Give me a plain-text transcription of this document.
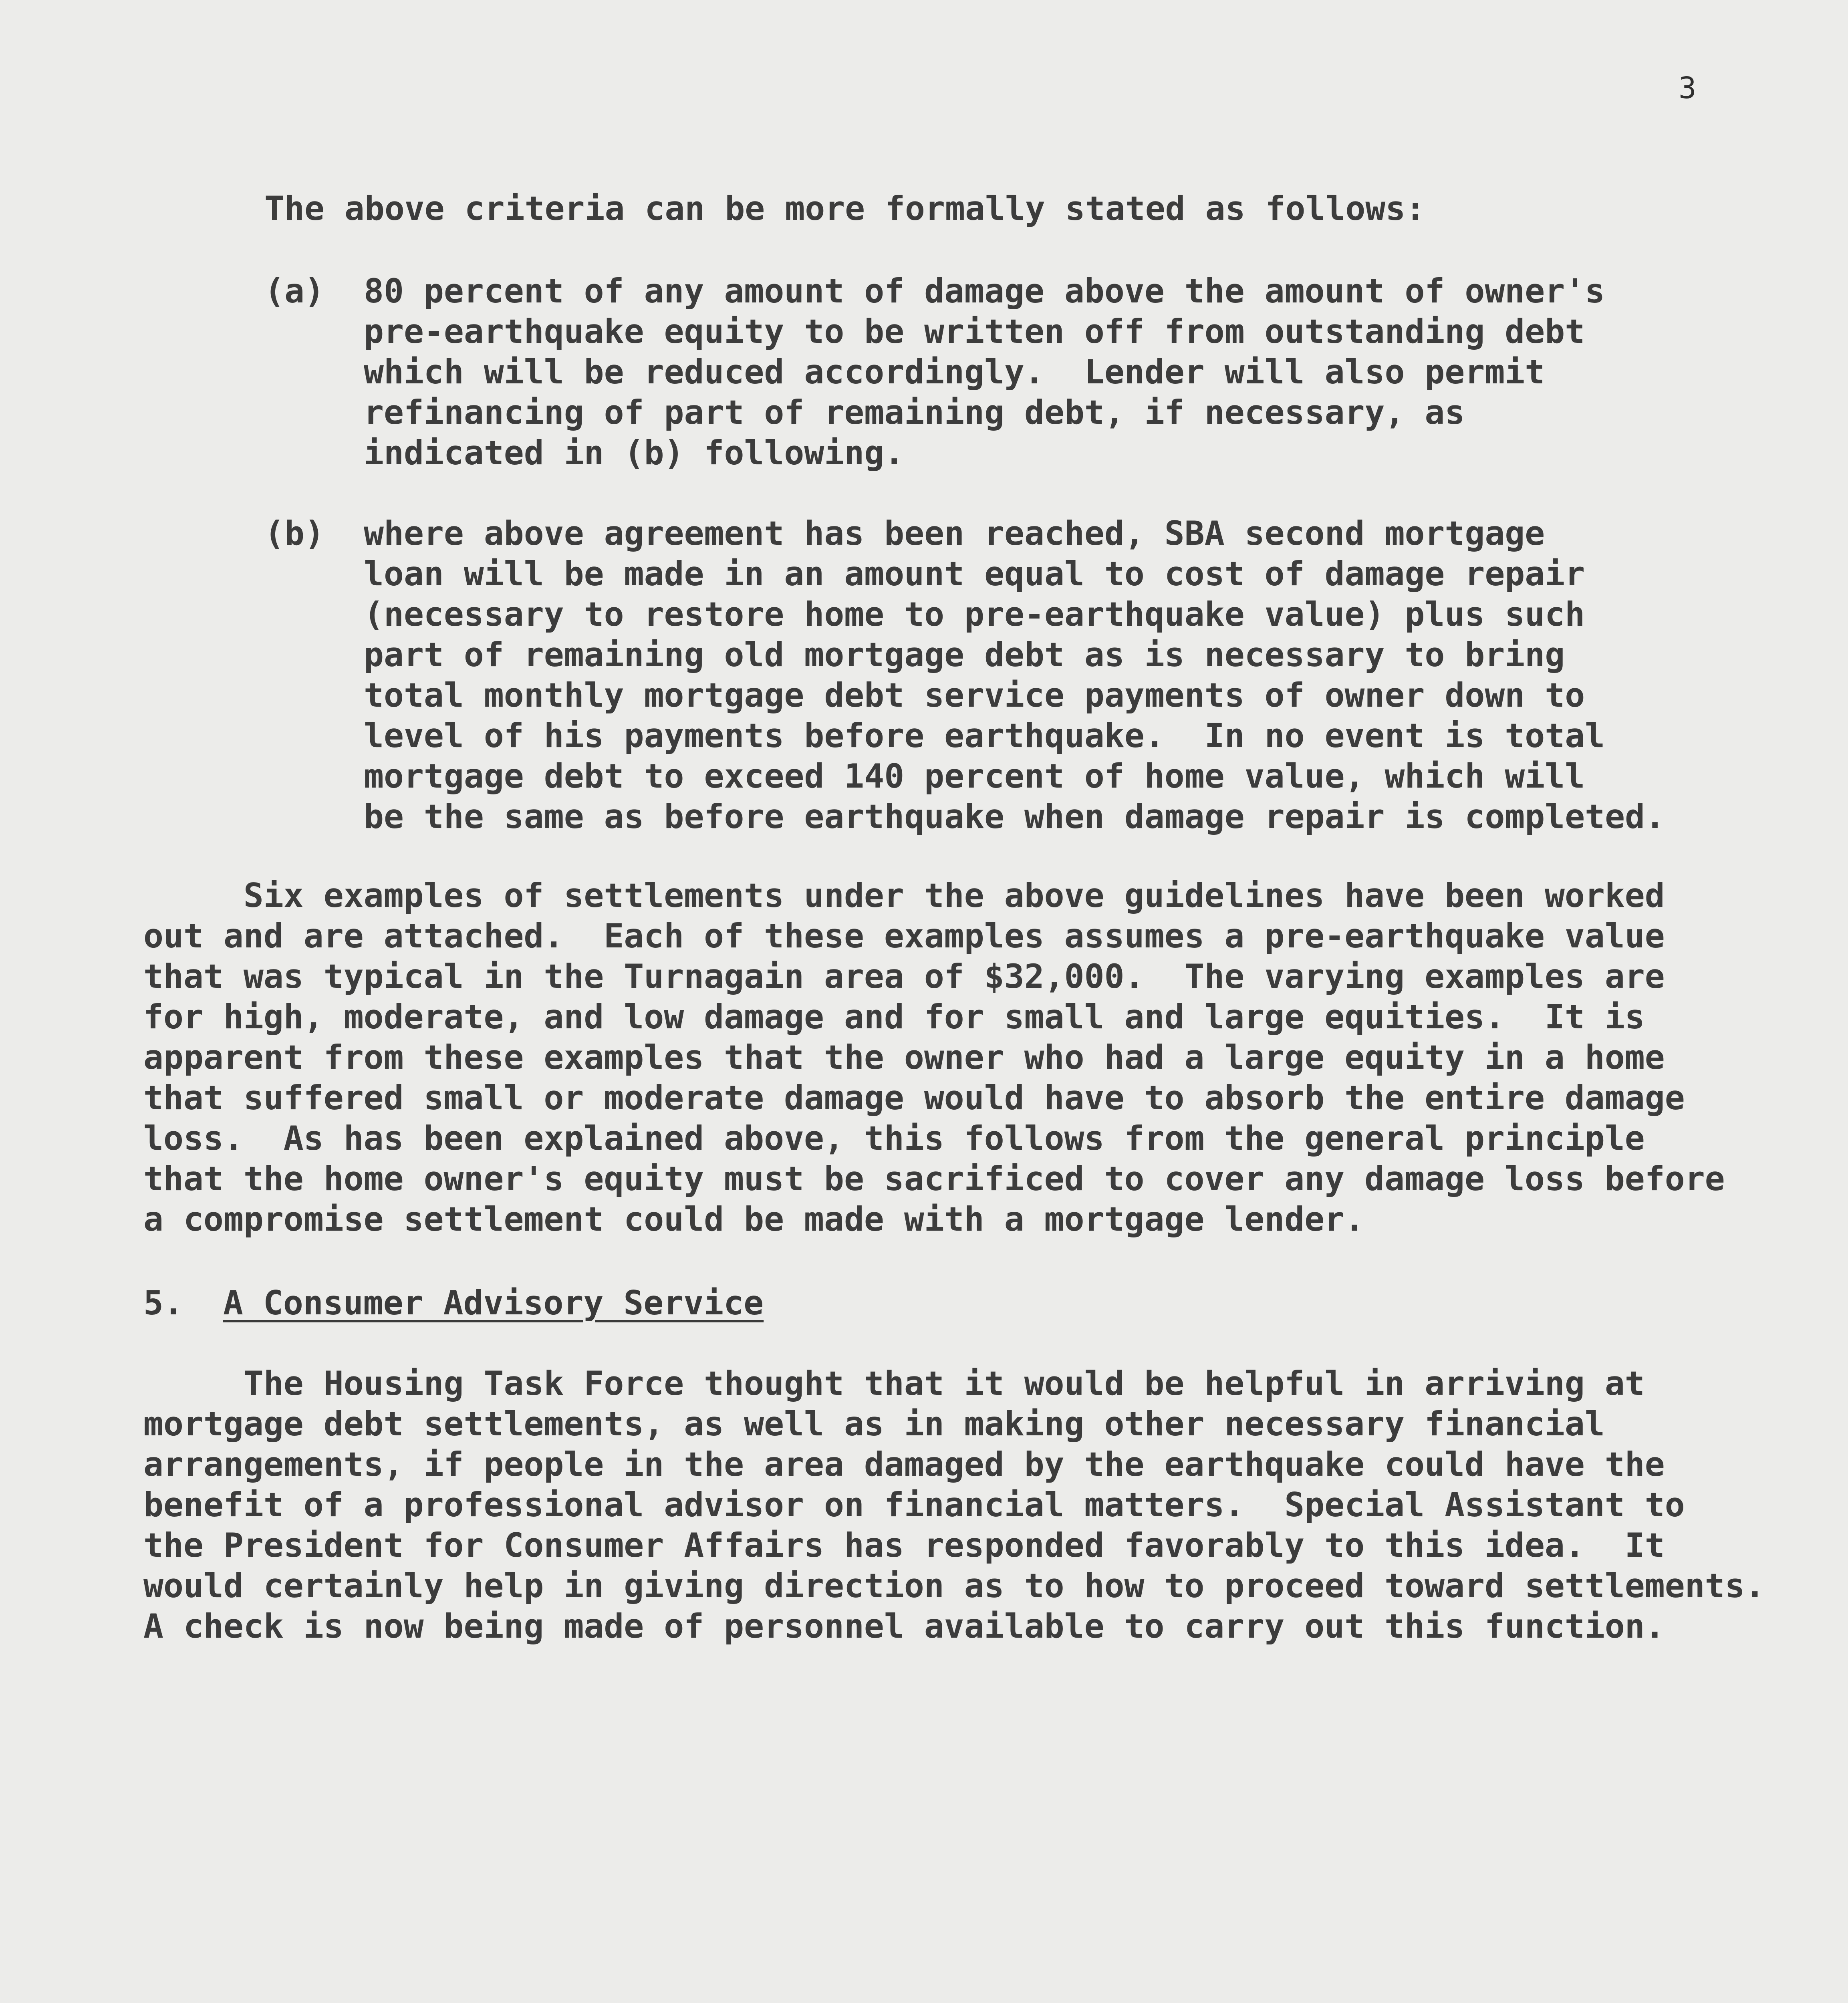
3
The above criteria can be more formally stated as follows:
(a) 80 percent of any amount of damage above the amount of owner's
pre-earthquake equity to be written off from outstanding debt
which will be reduced accordingly.  Lender will also permit
refinancing of part of remaining debt, if necessary, as
indicated in (b) following.
(b) where above agreement has been reached, SBA second mortgage
loan will be made in an amount equal to cost of damage repair
(necessary to restore home to pre-earthquake value) plus such
part of remaining old mortgage debt as is necessary to bring
total monthly mortgage debt service payments of owner down to
level of his payments before earthquake.  In no event is total
mortgage debt to exceed 140 percent of home value, which will
be the same as before earthquake when damage repair is completed.
Six examples of settlements under the above guidelines have been worked
out and are attached.  Each of these examples assumes a pre-earthquake value
that was typical in the Turnagain area of $32,000.  The varying examples are
for high, moderate, and low damage and for small and large equities.  It is
apparent from these examples that the owner who had a large equity in a home
that suffered small or moderate damage would have to absorb the entire damage
loss.  As has been explained above, this follows from the general principle
that the home owner's equity must be sacrificed to cover any damage loss before
a compromise settlement could be made with a mortgage lender.
5. A Consumer Advisory Service
The Housing Task Force thought that it would be helpful in arriving at
mortgage debt settlements, as well as in making other necessary financial
arrangements, if people in the area damaged by the earthquake could have the
benefit of a professional advisor on financial matters.  Special Assistant to
the President for Consumer Affairs has responded favorably to this idea.  It
would certainly help in giving direction as to how to proceed toward settlements.
A check is now being made of personnel available to carry out this function.
